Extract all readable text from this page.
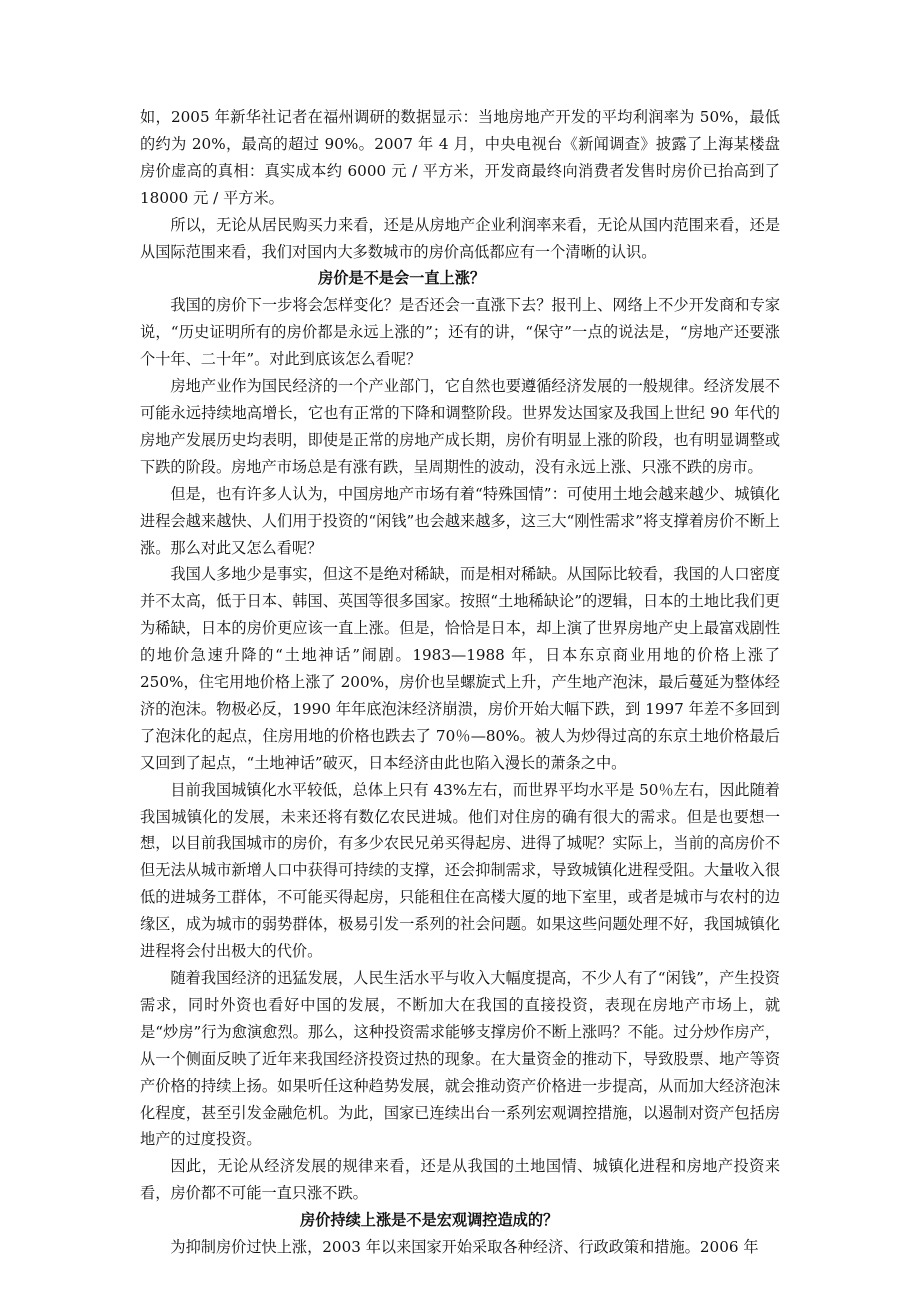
如，2005 年新华社记者在福州调研的数据显示：当地房地产开发的平均利润率为 50%，最低的约为 20%，最高的超过 90%。2007 年 4 月，中央电视台《新闻调查》披露了上海某楼盘房价虚高的真相：真实成本约 6000 元 / 平方米，开发商最终向消费者发售时房价已抬高到了 18000 元 / 平方米。

所以，无论从居民购买力来看，还是从房地产企业利润率来看，无论从国内范围来看，还是从国际范围来看，我们对国内大多数城市的房价高低都应有一个清晰的认识。

房价是不是会一直上涨？

我国的房价下一步将会怎样变化？是否还会一直涨下去？报刊上、网络上不少开发商和专家说，“历史证明所有的房价都是永远上涨的”；还有的讲，“保守”一点的说法是，“房地产还要涨个十年、二十年”。对此到底该怎么看呢？

房地产业作为国民经济的一个产业部门，它自然也要遵循经济发展的一般规律。经济发展不可能永远持续地高增长，它也有正常的下降和调整阶段。世界发达国家及我国上世纪 90 年代的房地产发展历史均表明，即使是正常的房地产成长期，房价有明显上涨的阶段，也有明显调整或下跌的阶段。房地产市场总是有涨有跌，呈周期性的波动，没有永远上涨、只涨不跌的房市。

但是，也有许多人认为，中国房地产市场有着“特殊国情”：可使用土地会越来越少、城镇化进程会越来越快、人们用于投资的“闲钱”也会越来越多，这三大“刚性需求”将支撑着房价不断上涨。那么对此又怎么看呢？

我国人多地少是事实，但这不是绝对稀缺，而是相对稀缺。从国际比较看，我国的人口密度并不太高，低于日本、韩国、英国等很多国家。按照“土地稀缺论”的逻辑，日本的土地比我们更为稀缺，日本的房价更应该一直上涨。但是，恰恰是日本，却上演了世界房地产史上最富戏剧性的地价急速升降的“土地神话”闹剧。1983—1988 年，日本东京商业用地的价格上涨了 250%，住宅用地价格上涨了 200%，房价也呈螺旋式上升，产生地产泡沫，最后蔓延为整体经济的泡沫。物极必反，1990 年年底泡沫经济崩溃，房价开始大幅下跌，到 1997 年差不多回到了泡沫化的起点，住房用地的价格也跌去了 70％—80%。被人为炒得过高的东京土地价格最后又回到了起点，“土地神话”破灭，日本经济由此也陷入漫长的萧条之中。

目前我国城镇化水平较低，总体上只有 43%左右，而世界平均水平是 50％左右，因此随着我国城镇化的发展，未来还将有数亿农民进城。他们对住房的确有很大的需求。但是也要想一想，以目前我国城市的房价，有多少农民兄弟买得起房、进得了城呢？实际上，当前的高房价不但无法从城市新增人口中获得可持续的支撑，还会抑制需求，导致城镇化进程受阻。大量收入很低的进城务工群体，不可能买得起房，只能租住在高楼大厦的地下室里，或者是城市与农村的边缘区，成为城市的弱势群体，极易引发一系列的社会问题。如果这些问题处理不好，我国城镇化进程将会付出极大的代价。

随着我国经济的迅猛发展，人民生活水平与收入大幅度提高，不少人有了“闲钱”，产生投资需求，同时外资也看好中国的发展，不断加大在我国的直接投资，表现在房地产市场上，就是“炒房”行为愈演愈烈。那么，这种投资需求能够支撑房价不断上涨吗？不能。过分炒作房产，从一个侧面反映了近年来我国经济投资过热的现象。在大量资金的推动下，导致股票、地产等资产价格的持续上扬。如果听任这种趋势发展，就会推动资产价格进一步提高，从而加大经济泡沫化程度，甚至引发金融危机。为此，国家已连续出台一系列宏观调控措施，以遏制对资产包括房地产的过度投资。

因此，无论从经济发展的规律来看，还是从我国的土地国情、城镇化进程和房地产投资来看，房价都不可能一直只涨不跌。

房价持续上涨是不是宏观调控造成的？

为抑制房价过快上涨，2003 年以来国家开始采取各种经济、行政政策和措施。2006 年
